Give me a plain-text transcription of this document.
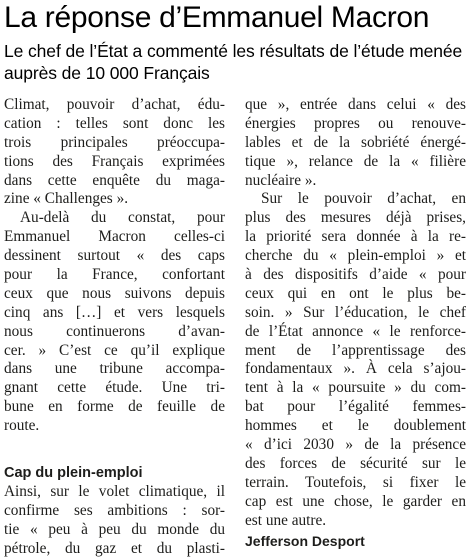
La réponse d’Emmanuel Macron
Le chef de l’État a commenté les résultats de l’étude menée auprès de 10 000 Français
Climat, pouvoir d’achat, édu-
cation : telles sont donc les
trois principales préoccupa-
tions des Français exprimées
dans cette enquête du maga-
zine « Challenges ».
Au-delà du constat, pour
Emmanuel Macron celles-ci
dessinent surtout « des caps
pour la France, confortant
ceux que nous suivons depuis
cinq ans […] et vers lesquels
nous continuerons d’avan-
cer. » C’est ce qu’il explique
dans une tribune accompa-
gnant cette étude. Une tri-
bune en forme de feuille de
route.
Cap du plein-emploi
Ainsi, sur le volet climatique, il
confirme ses ambitions : sor-
tie « peu à peu du monde du
pétrole, du gaz et du plasti-
que », entrée dans celui « des
énergies propres ou renouve-
lables et de la sobriété énergé-
tique », relance de la « filière
nucléaire ».
Sur le pouvoir d’achat, en
plus des mesures déjà prises,
la priorité sera donnée à la re-
cherche du « plein-emploi » et
à des dispositifs d’aide « pour
ceux qui en ont le plus be-
soin. » Sur l’éducation, le chef
de l’État annonce « le renforce-
ment de l’apprentissage des
fondamentaux ». À cela s’ajou-
tent à la « poursuite » du com-
bat pour l’égalité femmes-
hommes et le doublement
« d’ici 2030 » de la présence
des forces de sécurité sur le
terrain. Toutefois, si fixer le
cap est une chose, le garder en
est une autre.
Jefferson Desport
